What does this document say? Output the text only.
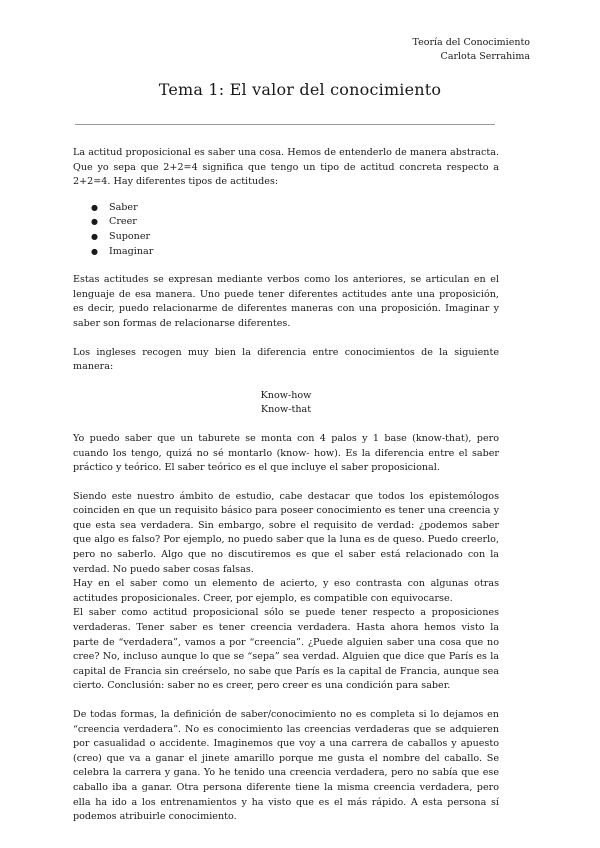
Teoría del Conocimiento
Carlota Serrahima
Tema 1: El valor del conocimiento

La actitud proposicional es saber una cosa. Hemos de entenderlo de manera abstracta. Que yo sepa que 2+2=4 significa que tengo un tipo de actitud concreta respecto a 2+2=4. Hay diferentes tipos de actitudes:

● Saber
● Creer
● Suponer
● Imaginar

Estas actitudes se expresan mediante verbos como los anteriores, se articulan en el lenguaje de esa manera. Uno puede tener diferentes actitudes ante una proposición, es decir, puedo relacionarme de diferentes maneras con una proposición. Imaginar y saber son formas de relacionarse diferentes.

Los ingleses recogen muy bien la diferencia entre conocimientos de la siguiente manera:

Know-how

Know-that

Yo puedo saber que un taburete se monta con 4 palos y 1 base (know-that), pero cuando los tengo, quizá no sé montarlo (know- how). Es la diferencia entre el saber práctico y teórico. El saber teórico es el que incluye el saber proposicional.

Siendo este nuestro ámbito de estudio, cabe destacar que todos los epistemólogos coinciden en que un requisito básico para poseer conocimiento es tener una creencia y que esta sea verdadera. Sin embargo, sobre el requisito de verdad: ¿podemos saber que algo es falso? Por ejemplo, no puedo saber que la luna es de queso. Puedo creerlo, pero no saberlo. Algo que no discutiremos es que el saber está relacionado con la verdad. No puedo saber cosas falsas.

Hay en el saber como un elemento de acierto, y eso contrasta con algunas otras actitudes proposicionales. Creer, por ejemplo, es compatible con equivocarse.

El saber como actitud proposicional sólo se puede tener respecto a proposiciones verdaderas. Tener saber es tener creencia verdadera. Hasta ahora hemos visto la parte de “verdadera”, vamos a por “creencia”. ¿Puede alguien saber una cosa que no cree? No, incluso aunque lo que se “sepa” sea verdad. Alguien que dice que París es la capital de Francia sin creérselo, no sabe que París es la capital de Francia, aunque sea cierto. Conclusión: saber no es creer, pero creer es una condición para saber.

De todas formas, la definición de saber/conocimiento no es completa si lo dejamos en “creencia verdadera”. No es conocimiento las creencias verdaderas que se adquieren por casualidad o accidente. Imaginemos que voy a una carrera de caballos y apuesto (creo) que va a ganar el jinete amarillo porque me gusta el nombre del caballo. Se celebra la carrera y gana. Yo he tenido una creencia verdadera, pero no sabía que ese caballo iba a ganar. Otra persona diferente tiene la misma creencia verdadera, pero ella ha ido a los entrenamientos y ha visto que es el más rápido. A esta persona sí podemos atribuirle conocimiento.
